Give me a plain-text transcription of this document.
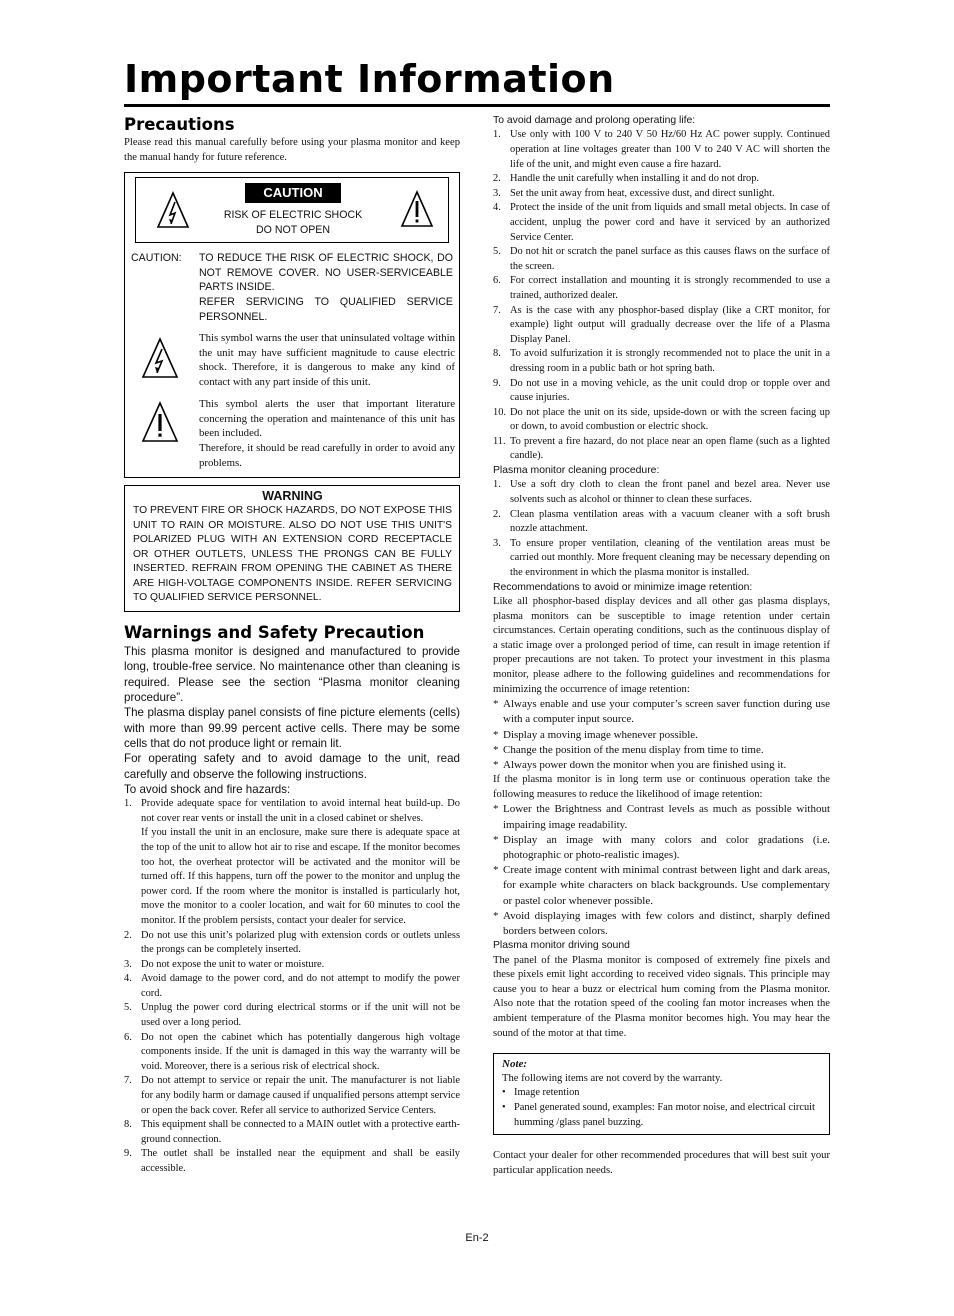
Important Information
Precautions

Please read this manual carefully before using your plasma monitor and keep the manual handy for future reference.

CAUTION
RISK OF ELECTRIC SHOCK
DO NOT OPEN
CAUTION: TO REDUCE THE RISK OF ELECTRIC SHOCK, DO NOT REMOVE COVER. NO USER-SERVICEABLE PARTS INSIDE.
REFER SERVICING TO QUALIFIED SERVICE PERSONNEL.
This symbol warns the user that uninsulated voltage within the unit may have sufficient magnitude to cause electric shock. Therefore, it is dangerous to make any kind of contact with any part inside of this unit.
This symbol alerts the user that important literature concerning the operation and maintenance of this unit has been included.
Therefore, it should be read carefully in order to avoid any problems.

WARNING

TO PREVENT FIRE OR SHOCK HAZARDS, DO NOT EXPOSE THIS UNIT TO RAIN OR MOISTURE. ALSO DO NOT USE THIS UNIT'S POLARIZED PLUG WITH AN EXTENSION CORD RECEPTACLE OR OTHER OUTLETS, UNLESS THE PRONGS CAN BE FULLY INSERTED. REFRAIN FROM OPENING THE CABINET AS THERE ARE HIGH-VOLTAGE COMPONENTS INSIDE. REFER SERVICING TO QUALIFIED SERVICE PERSONNEL.

Warnings and Safety Precaution

This plasma monitor is designed and manufactured to provide long, trouble-free service. No maintenance other than cleaning is required. Please see the section “Plasma monitor cleaning procedure”.

The plasma display panel consists of fine picture elements (cells) with more than 99.99 percent active cells. There may be some cells that do not produce light or remain lit.

For operating safety and to avoid damage to the unit, read carefully and observe the following instructions.

To avoid shock and fire hazards:

1. Provide adequate space for ventilation to avoid internal heat build-up. Do not cover rear vents or install the unit in a closed cabinet or shelves.
If you install the unit in an enclosure, make sure there is adequate space at the top of the unit to allow hot air to rise and escape. If the monitor becomes too hot, the overheat protector will be activated and the monitor will be turned off. If this happens, turn off the power to the monitor and unplug the power cord. If the room where the monitor is installed is particularly hot, move the monitor to a cooler location, and wait for 60 minutes to cool the monitor. If the problem persists, contact your dealer for service.
2. Do not use this unit’s polarized plug with extension cords or outlets unless the prongs can be completely inserted.
3. Do not expose the unit to water or moisture.
4. Avoid damage to the power cord, and do not attempt to modify the power cord.
5. Unplug the power cord during electrical storms or if the unit will not be used over a long period.
6. Do not open the cabinet which has potentially dangerous high voltage components inside. If the unit is damaged in this way the warranty will be void. Moreover, there is a serious risk of electrical shock.
7. Do not attempt to service or repair the unit. The manufacturer is not liable for any bodily harm or damage caused if unqualified persons attempt service or open the back cover. Refer all service to authorized Service Centers.
8. This equipment shall be connected to a MAIN outlet with a protective earth-ground connection.
9. The outlet shall be installed near the equipment and shall be easily accessible.

To avoid damage and prolong operating life:

1. Use only with 100 V to 240 V 50 Hz/60 Hz AC power supply. Continued operation at line voltages greater than 100 V to 240 V AC will shorten the life of the unit, and might even cause a fire hazard.
2. Handle the unit carefully when installing it and do not drop.
3. Set the unit away from heat, excessive dust, and direct sunlight.
4. Protect the inside of the unit from liquids and small metal objects. In case of accident, unplug the power cord and have it serviced by an authorized Service Center.
5. Do not hit or scratch the panel surface as this causes flaws on the surface of the screen.
6. For correct installation and mounting it is strongly recommended to use a trained, authorized dealer.
7. As is the case with any phosphor-based display (like a CRT monitor, for example) light output will gradually decrease over the life of a Plasma Display Panel.
8. To avoid sulfurization it is strongly recommended not to place the unit in a dressing room in a public bath or hot spring bath.
9. Do not use in a moving vehicle, as the unit could drop or topple over and cause injuries.
10. Do not place the unit on its side, upside-down or with the screen facing up or down, to avoid combustion or electric shock.
11. To prevent a fire hazard, do not place near an open flame (such as a lighted candle).

Plasma monitor cleaning procedure:

1. Use a soft dry cloth to clean the front panel and bezel area. Never use solvents such as alcohol or thinner to clean these surfaces.
2. Clean plasma ventilation areas with a vacuum cleaner with a soft brush nozzle attachment.
3. To ensure proper ventilation, cleaning of the ventilation areas must be carried out monthly. More frequent cleaning may be necessary depending on the environment in which the plasma monitor is installed.

Recommendations to avoid or minimize image retention:

Like all phosphor-based display devices and all other gas plasma displays, plasma monitors can be susceptible to image retention under certain circumstances. Certain operating conditions, such as the continuous display of a static image over a prolonged period of time, can result in image retention if proper precautions are not taken. To protect your investment in this plasma monitor, please adhere to the following guidelines and recommendations for minimizing the occurrence of image retention:

* Always enable and use your computer’s screen saver function during use with a computer input source.
* Display a moving image whenever possible.
* Change the position of the menu display from time to time.
* Always power down the monitor when you are finished using it.

If the plasma monitor is in long term use or continuous operation take the following measures to reduce the likelihood of image retention:

* Lower the Brightness and Contrast levels as much as possible without impairing image readability.
* Display an image with many colors and color gradations (i.e. photographic or photo-realistic images).
* Create image content with minimal contrast between light and dark areas, for example white characters on black backgrounds. Use complementary or pastel color whenever possible.
* Avoid displaying images with few colors and distinct, sharply defined borders between colors.

Plasma monitor driving sound

The panel of the Plasma monitor is composed of extremely fine pixels and these pixels emit light according to received video signals. This principle may cause you to hear a buzz or electrical hum coming from the Plasma monitor. Also note that the rotation speed of the cooling fan motor increases when the ambient temperature of the Plasma monitor becomes high. You may hear the sound of the motor at that time.

Note:

The following items are not coverd by the warranty.

• Image retention
• Panel generated sound, examples: Fan motor noise, and electrical circuit humming /glass panel buzzing.

Contact your dealer for other recommended procedures that will best suit your particular application needs.

En-2
